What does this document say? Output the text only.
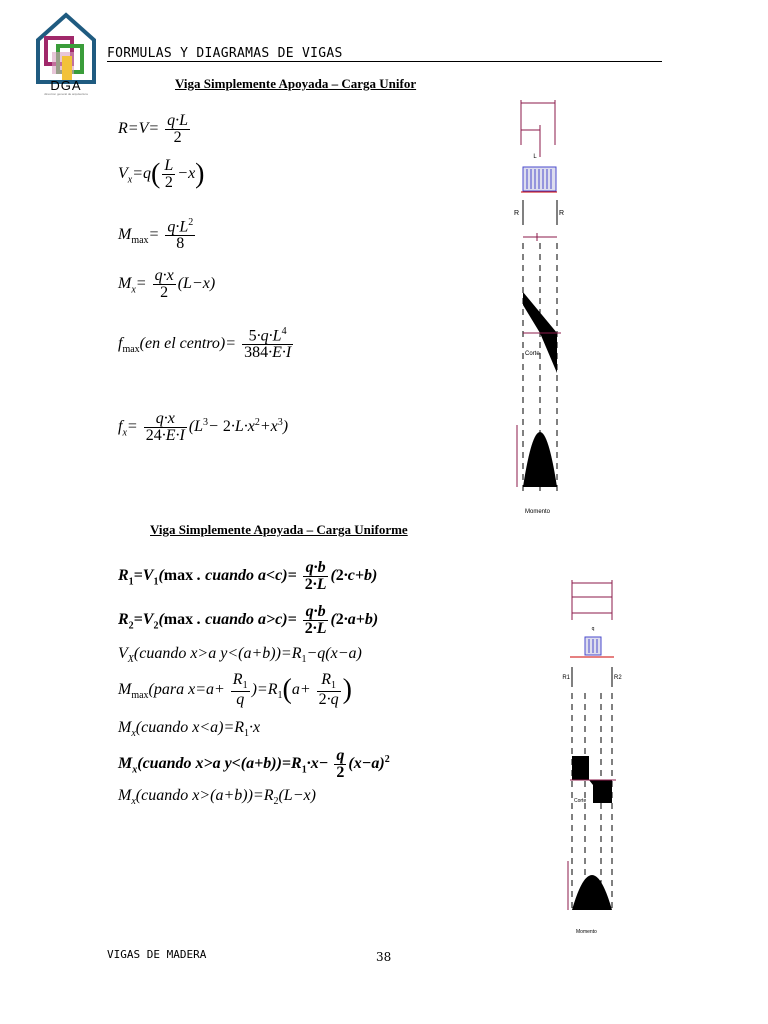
DGA
direccion general de arquitectura
FORMULAS Y DIAGRAMAS DE VIGAS
Viga Simplemente Apoyada – Carga Unifor
$R=V= \frac{q\cdot L}{2}$
$V_x=q( \frac{L}{2} -x)$
$M_{max}= \frac{q\cdot L^2}{8}$
$M_x= \frac{q\cdot x}{2} (L-x)$
$f_{max}(en$ el centro)= $\frac{5\cdot q\cdot L^4}{384\cdot E\cdot I}$
$f_x= \frac{q\cdot x}{24\cdot E\cdot I} (L^3- 2\cdot L\cdot x^2+x^3)$
L
R	R
Corte
Momento
Viga Simplemente Apoyada – Carga Uniforme
$R_1=V_1(\max$ . cuando $a<c)= \frac{q\cdot b}{2\cdot L} (2\cdot c+b)$
$R_2=V_2(\max$ . cuando $a>c)= \frac{q\cdot b}{2\cdot L} (2\cdot a+b)$
$V_X(cuando$ x>a $y<(a+b))=R_1-q(x-a)$
$M_{max}(para$ $x=a+ \frac{R_1}{q} )=R_1(a+ \frac{R_1}{2\cdot q}$ )
$M_x(cuando$ $x<a)=R_1\cdot x$
$M_x(cuando$ x>a $y<(a+b))=R_1\cdot x- \frac{q}{2} (x-a)^2$
$M_x(cuando$ $x>(a+b))=R_2(L-x)$
q
R1	R2
Corte
Momento
VIGAS DE MADERA	38
